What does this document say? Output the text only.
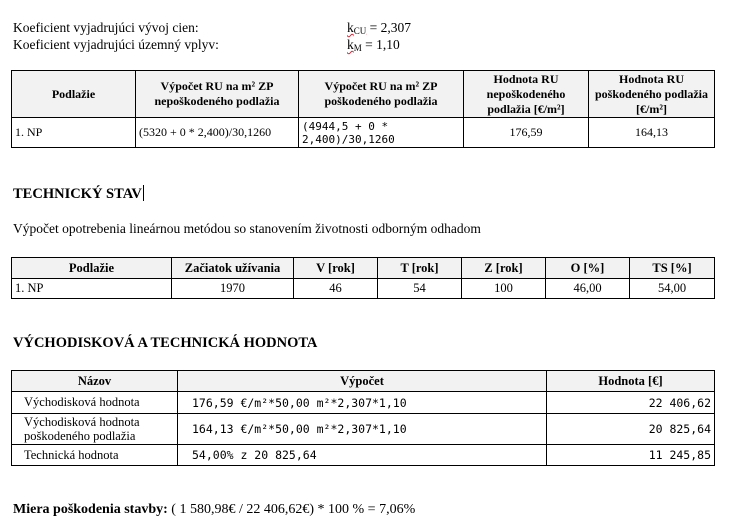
Koeficient vyjadrujúci vývoj cien:	kCU = 2,307
Koeficient vyjadrujúci územný vplyv:	kM = 1,10
Podlažie	Výpočet RU na m² ZP nepoškodeného podlažia	Výpočet RU na m² ZP poškodeného podlažia	Hodnota RU nepoškodeného podlažia [€/m²]	Hodnota RU poškodeného podlažia [€/m²]
1. NP	(5320 + 0 * 2,400)/30,1260	(4944,5 + 0 * 2,400)/30,1260	176,59	164,13
TECHNICKÝ STAV
Výpočet opotrebenia lineárnou metódou so stanovením životnosti odborným odhadom
Podlažie	Začiatok užívania	V [rok]	T [rok]	Z [rok]	O [%]	TS [%]
1. NP	1970	46	54	100	46,00	54,00
VÝCHODISKOVÁ A TECHNICKÁ HODNOTA
Názov	Výpočet	Hodnota [€]
Východisková hodnota	176,59 €/m²*50,00 m²*2,307*1,10	22 406,62
Východisková hodnota poškodeného podlažia	164,13 €/m²*50,00 m²*2,307*1,10	20 825,64
Technická hodnota	54,00% z 20 825,64	11 245,85
Miera poškodenia stavby: ( 1 580,98€ / 22 406,62€) * 100 % = 7,06%
